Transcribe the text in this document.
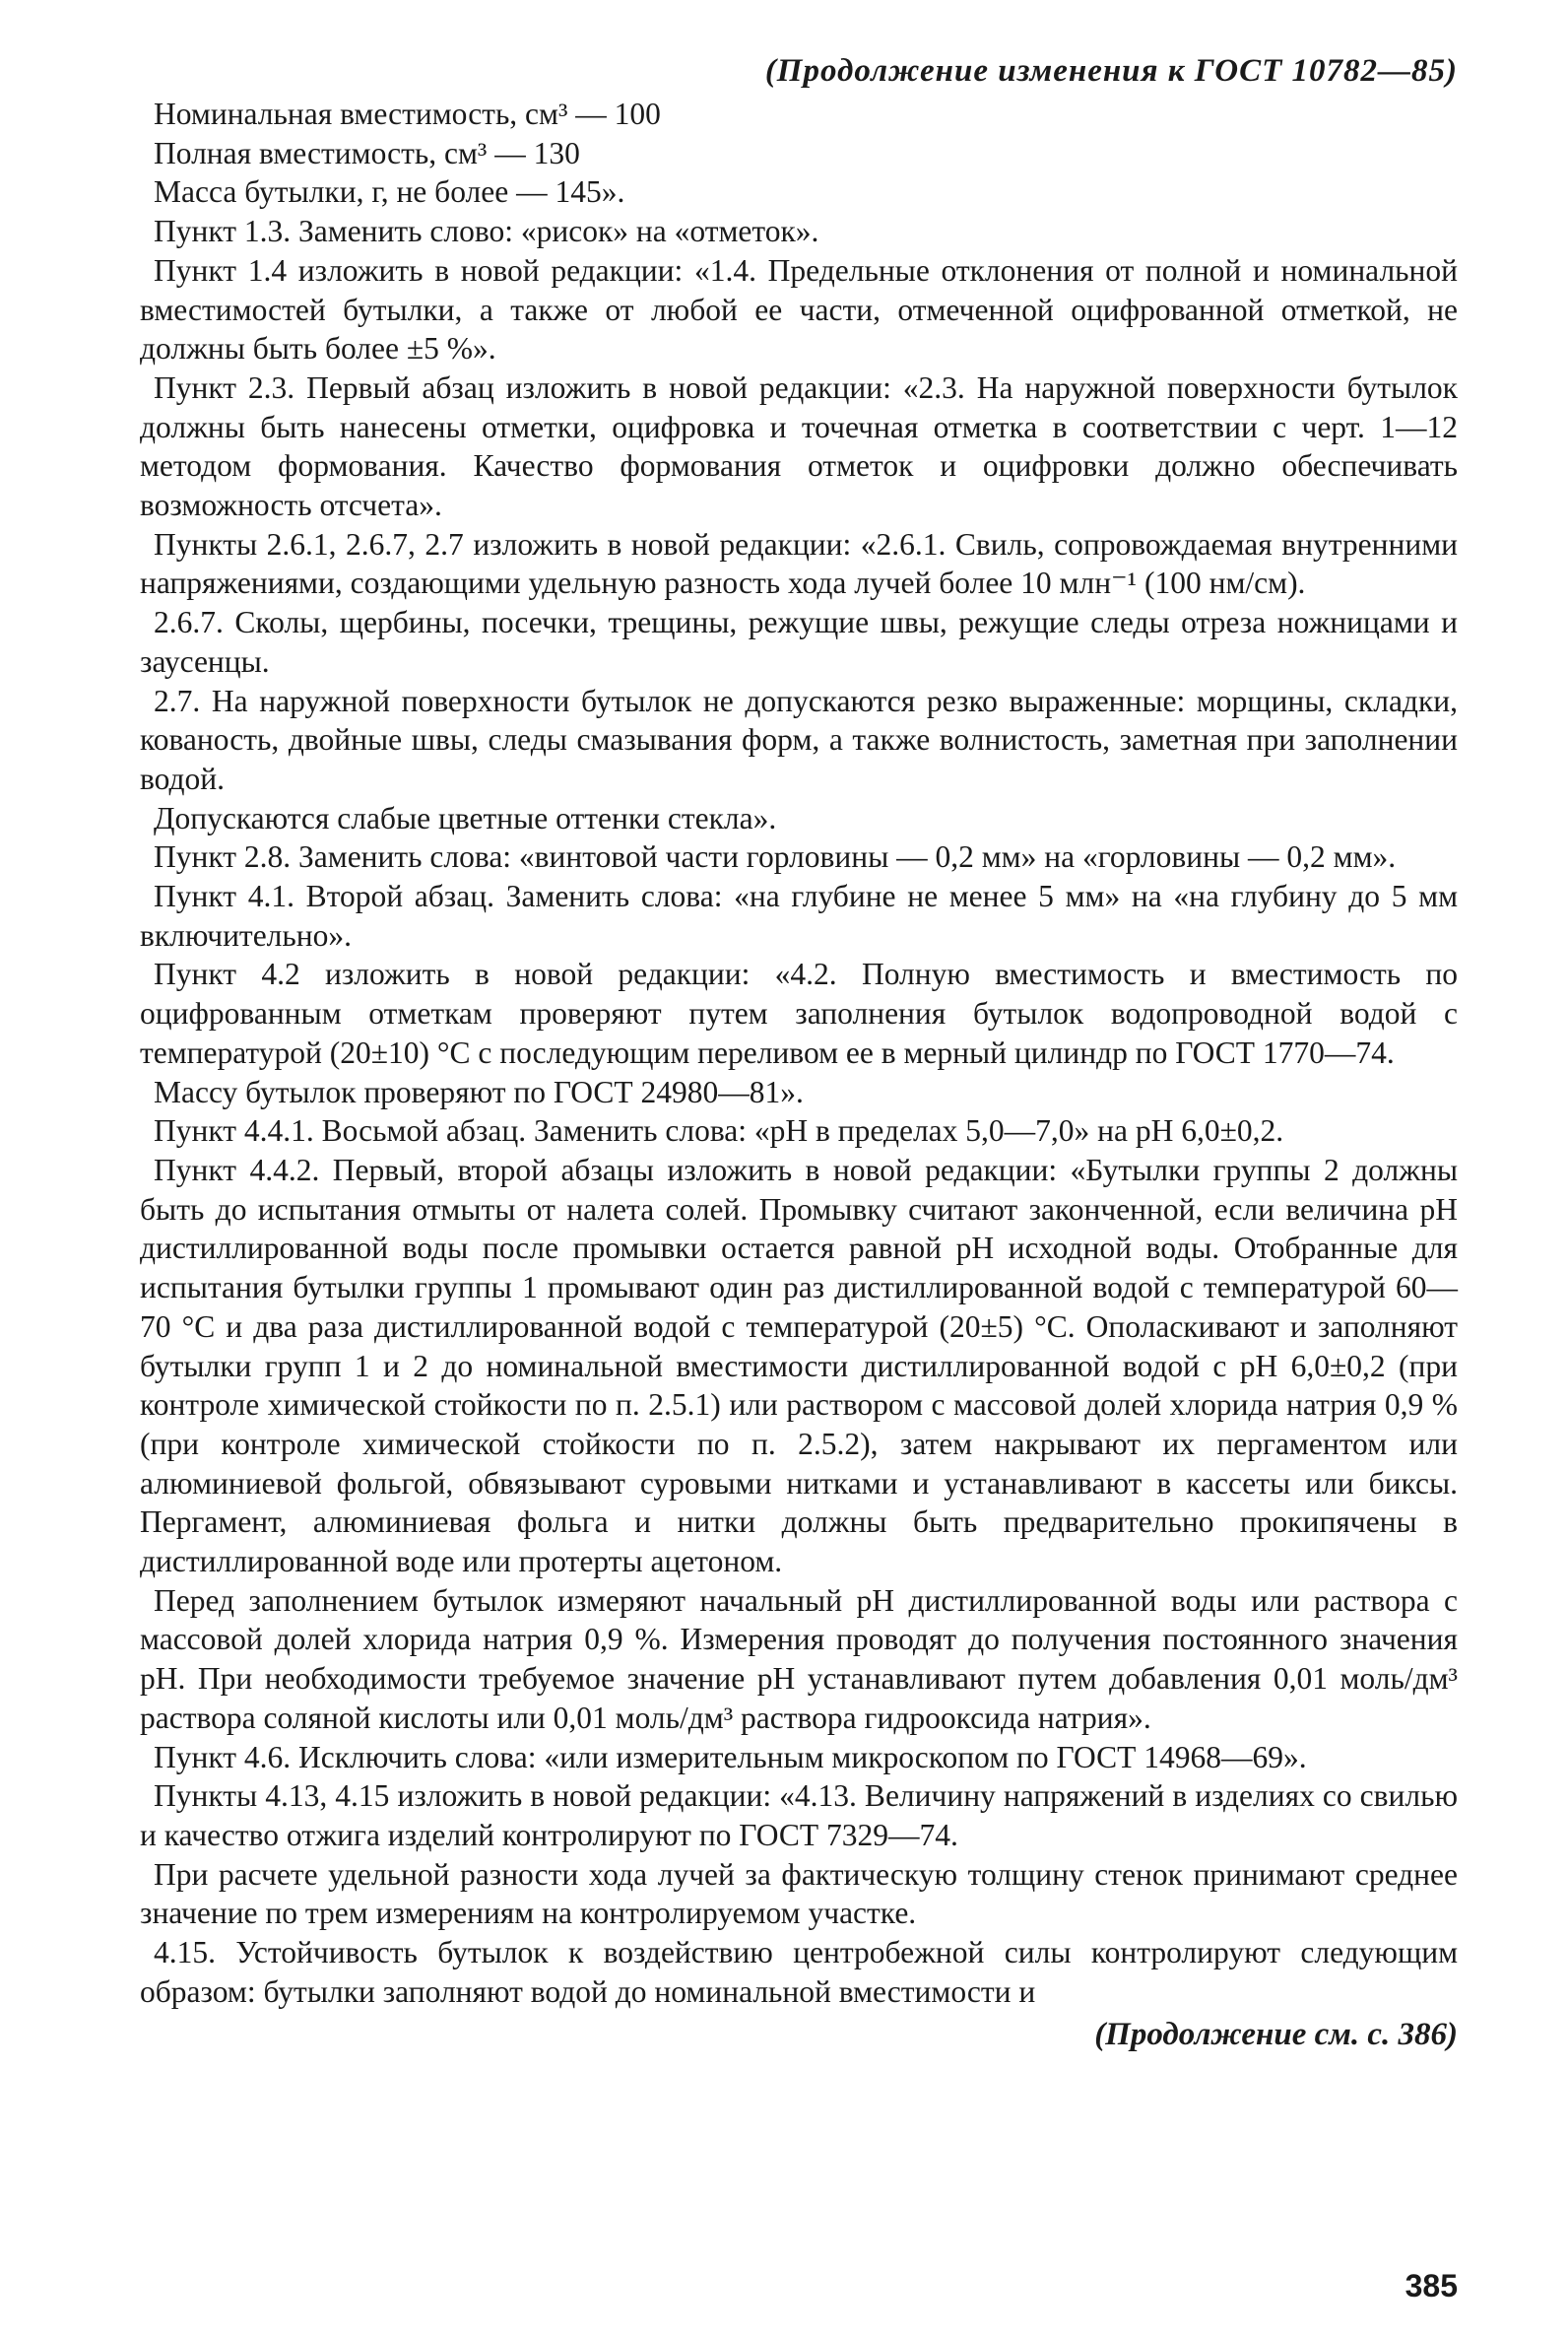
(Продолжение изменения к ГОСТ 10782—85)

Номинальная вместимость, см³ — 100

Полная вместимость, см³ — 130

Масса бутылки, г, не более — 145».

Пункт 1.3. Заменить слово: «рисок» на «отметок».

Пункт 1.4 изложить в новой редакции: «1.4. Предельные отклонения от полной и номинальной вместимостей бутылки, а также от любой ее части, отмеченной оцифрованной отметкой, не должны быть более ±5 %».

Пункт 2.3. Первый абзац изложить в новой редакции: «2.3. На наружной поверхности бутылок должны быть нанесены отметки, оцифровка и точечная отметка в соответствии с черт. 1—12 методом формования. Качество формования отметок и оцифровки должно обеспечивать возможность отсчета».

Пункты 2.6.1, 2.6.7, 2.7 изложить в новой редакции: «2.6.1. Свиль, сопровождаемая внутренними напряжениями, создающими удельную разность хода лучей более 10 млн⁻¹ (100 нм/см).

2.6.7. Сколы, щербины, посечки, трещины, режущие швы, режущие следы отреза ножницами и заусенцы.

2.7. На наружной поверхности бутылок не допускаются резко выраженные: морщины, складки, кованость, двойные швы, следы смазывания форм, а также волнистость, заметная при заполнении водой.

Допускаются слабые цветные оттенки стекла».

Пункт 2.8. Заменить слова: «винтовой части горловины — 0,2 мм» на «горловины — 0,2 мм».

Пункт 4.1. Второй абзац. Заменить слова: «на глубине не менее 5 мм» на «на глубину до 5 мм включительно».

Пункт 4.2 изложить в новой редакции: «4.2. Полную вместимость и вместимость по оцифрованным отметкам проверяют путем заполнения бутылок водопроводной водой с температурой (20±10) °С с последующим переливом ее в мерный цилиндр по ГОСТ 1770—74.

Массу бутылок проверяют по ГОСТ 24980—81».

Пункт 4.4.1. Восьмой абзац. Заменить слова: «pH в пределах 5,0—7,0» на pH 6,0±0,2.

Пункт 4.4.2. Первый, второй абзацы изложить в новой редакции: «Бутылки группы 2 должны быть до испытания отмыты от налета солей. Промывку считают законченной, если величина pH дистиллированной воды после промывки остается равной pH исходной воды. Отобранные для испытания бутылки группы 1 промывают один раз дистиллированной водой с температурой 60—70 °С и два раза дистиллированной водой с температурой (20±5) °С. Ополаскивают и заполняют бутылки групп 1 и 2 до номинальной вместимости дистиллированной водой с pH 6,0±0,2 (при контроле химической стойкости по п. 2.5.1) или раствором с массовой долей хлорида натрия 0,9 % (при контроле химической стойкости по п. 2.5.2), затем накрывают их пергаментом или алюминиевой фольгой, обвязывают суровыми нитками и устанавливают в кассеты или биксы. Пергамент, алюминиевая фольга и нитки должны быть предварительно прокипячены в дистиллированной воде или протерты ацетоном.

Перед заполнением бутылок измеряют начальный pH дистиллированной воды или раствора с массовой долей хлорида натрия 0,9 %. Измерения проводят до получения постоянного значения pH. При необходимости требуемое значение pH устанавливают путем добавления 0,01 моль/дм³ раствора соляной кислоты или 0,01 моль/дм³ раствора гидрооксида натрия».

Пункт 4.6. Исключить слова: «или измерительным микроскопом по ГОСТ 14968—69».

Пункты 4.13, 4.15 изложить в новой редакции: «4.13. Величину напряжений в изделиях со свилью и качество отжига изделий контролируют по ГОСТ 7329—74.

При расчете удельной разности хода лучей за фактическую толщину стенок принимают среднее значение по трем измерениям на контролируемом участке.

4.15. Устойчивость бутылок к воздействию центробежной силы контролируют следующим образом: бутылки заполняют водой до номинальной вместимости и

(Продолжение см. с. 386)
385
